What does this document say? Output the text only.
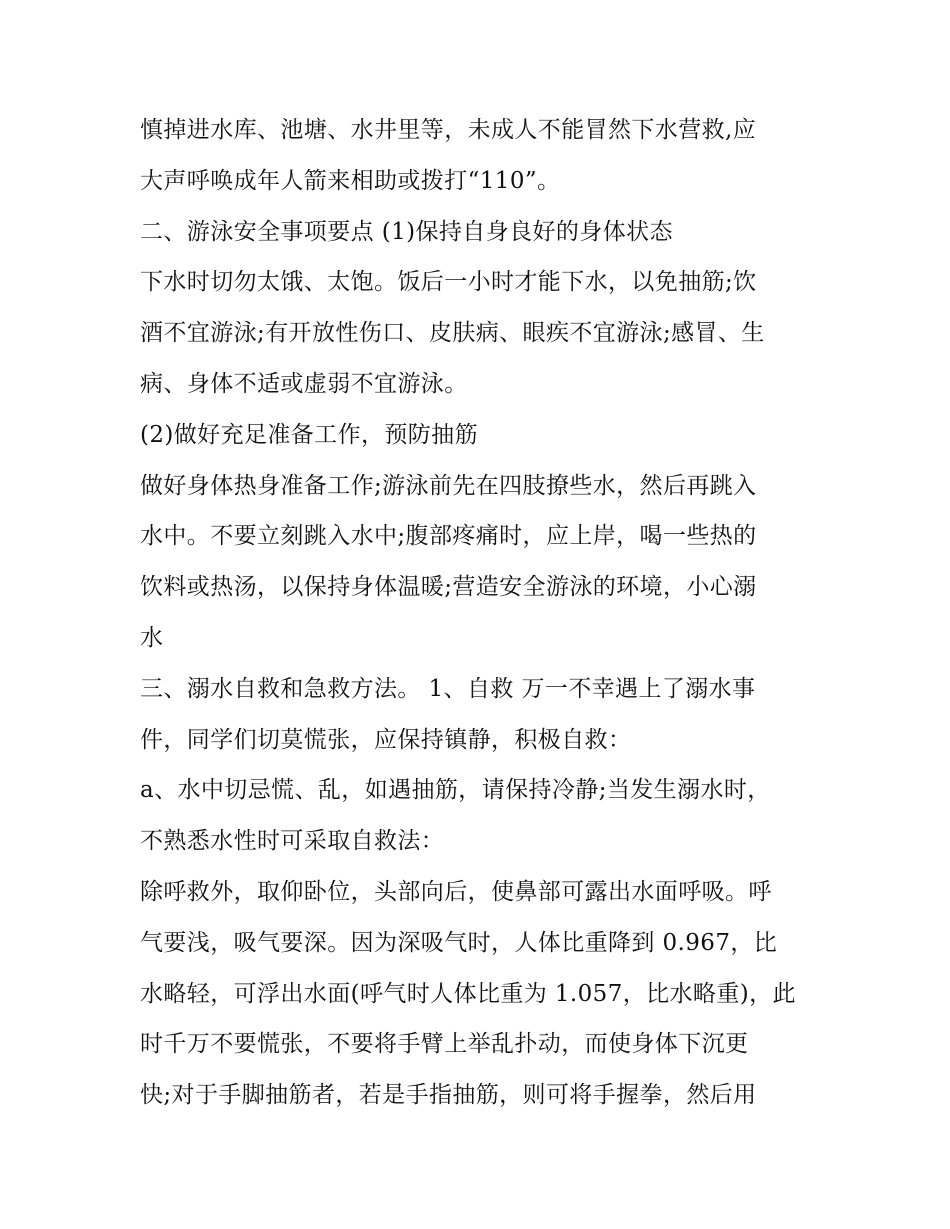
慎掉进水库、池塘、水井里等，未成人不能冒然下水营救,应
大声呼唤成年人箭来相助或拨打“110”。
二、游泳安全事项要点 (1)保持自身良好的身体状态
下水时切勿太饿、太饱。饭后一小时才能下水，以免抽筋;饮
酒不宜游泳;有开放性伤口、皮肤病、眼疾不宜游泳;感冒、生
病、身体不适或虚弱不宜游泳。
(2)做好充足准备工作，预防抽筋
做好身体热身准备工作;游泳前先在四肢撩些水，然后再跳入
水中。不要立刻跳入水中;腹部疼痛时，应上岸，喝一些热的
饮料或热汤，以保持身体温暖;营造安全游泳的环境，小心溺
水
三、溺水自救和急救方法。 1、自救 万一不幸遇上了溺水事
件，同学们切莫慌张，应保持镇静，积极自救：
a、水中切忌慌、乱，如遇抽筋，请保持冷静;当发生溺水时，
不熟悉水性时可采取自救法：
除呼救外，取仰卧位，头部向后，使鼻部可露出水面呼吸。呼
气要浅，吸气要深。因为深吸气时，人体比重降到 0.967，比
水略轻，可浮出水面(呼气时人体比重为 1.057，比水略重)，此
时千万不要慌张，不要将手臂上举乱扑动，而使身体下沉更
快;对于手脚抽筋者，若是手指抽筋，则可将手握拳，然后用
